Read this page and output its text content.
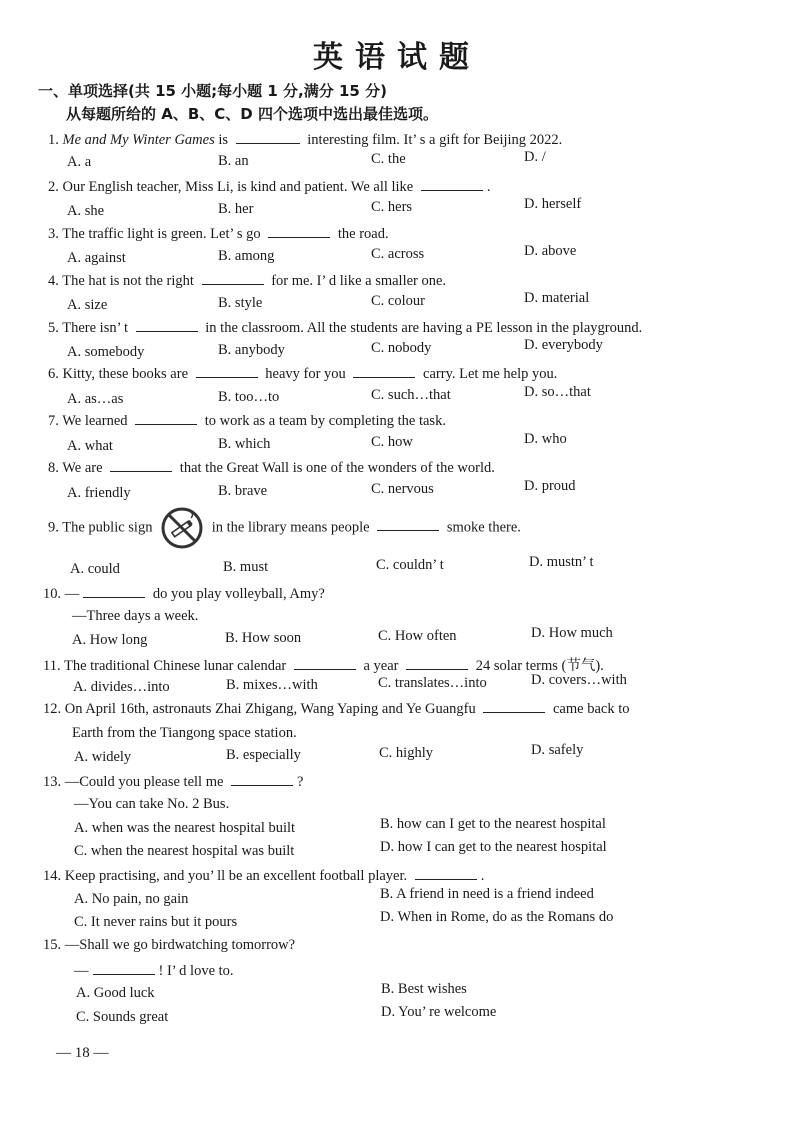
英语试题
一、单项选择(共 15 小题;每小题 1 分,满分 15 分)
从每题所给的 A、B、C、D 四个选项中选出最佳选项。
1. Me and My Winter Games is	interesting film. It’ s a gift for Beijing 2022.
A. a	B. an	C. the	D. /
2. Our English teacher, Miss Li, is kind and patient. We all like	.
A. she	B. her	C. hers	D. herself
3. The traffic light is green. Let’ s go	the road.
A. against	B. among	C. across	D. above
4. The hat is not the right	for me. I’ d like a smaller one.
A. size	B. style	C. colour	D. material
5. There isn’ t	in the classroom. All the students are having a PE lesson in the playground.
A. somebody	B. anybody	C. nobody	D. everybody
6. Kitty, these books are	heavy for you	carry. Let me help you.
A. as…as	B. too…to	C. such…that	D. so…that
7. We learned	to work as a team by completing the task.
A. what	B. which	C. how	D. who
8. We are	that the Great Wall is one of the wonders of the world.
A. friendly	B. brave	C. nervous	D. proud
9. The public sign	in the library means people	smoke there.
A. could	B. must	C. couldn’ t	D. mustn’ t
10. —	do you play volleyball, Amy?
—Three days a week.
A. How long	B. How soon	C. How often	D. How much
11. The traditional Chinese lunar calendar	a year	24 solar terms (节气).
A. divides…into	B. mixes…with	C. translates…into	D. covers…with
12. On April 16th, astronauts Zhai Zhigang, Wang Yaping and Ye Guangfu	came back to
Earth from the Tiangong space station.
A. widely	B. especially	C. highly	D. safely
13. —Could you please tell me	?
—You can take No. 2 Bus.
A. when was the nearest hospital built	B. how can I get to the nearest hospital
C. when the nearest hospital was built	D. how I can get to the nearest hospital
14. Keep practising, and you’ ll be an excellent football player.	.
A. No pain, no gain	B. A friend in need is a friend indeed
C. It never rains but it pours	D. When in Rome, do as the Romans do
15. —Shall we go birdwatching tomorrow?
—	! I’ d love to.
A. Good luck	B. Best wishes
C. Sounds great	D. You’ re welcome
— 18 —
